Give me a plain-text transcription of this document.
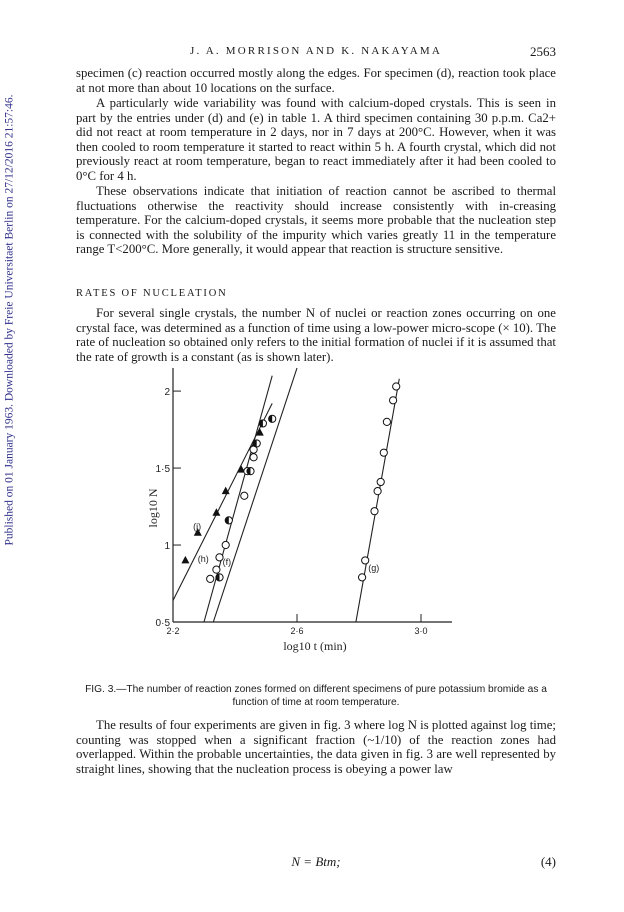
Published on 01 January 1963. Downloaded by Freie Universitaet Berlin on 27/12/2016 21:57:46.
J. A. MORRISON AND K. NAKAYAMA	2563

specimen (c) reaction occurred mostly along the edges. For specimen (d), reaction took place at not more than about 10 locations on the surface.

A particularly wide variability was found with calcium-doped crystals. This is seen in part by the entries under (d) and (e) in table 1. A third specimen containing 30 p.p.m. Ca2+ did not react at room temperature in 2 days, nor in 7 days at 200°C. However, when it was then cooled to room temperature it started to react within 5 h. A fourth crystal, which did not previously react at room temperature, began to react immediately after it had been cooled to 0°C for 4 h.

These observations indicate that initiation of reaction cannot be ascribed to thermal fluctuations otherwise the reactivity should increase consistently with in-creasing temperature. For the calcium-doped crystals, it seems more probable that the nucleation step is connected with the solubility of the impurity which varies greatly 11 in the temperature range T<200°C. More generally, it would appear that reaction is structure sensitive.

RATES OF NUCLEATION

For several single crystals, the number N of nuclei or reaction zones occurring on one crystal face, was determined as a function of time using a low-power micro-scope (× 10). The rate of nucleation so obtained only refers to the initial formation of nuclei if it is assumed that the rate of growth is a constant (as is shown later).

0·5
1
1·5
2
2·2	2·6	3·0
log10 t (min)
log10 N	(j)
(h) (f)
(g)
FIG. 3.—The number of reaction zones formed on different specimens of pure potassium bromide as a function of time at room temperature.

The results of four experiments are given in fig. 3 where log N is plotted against log time; counting was stopped when a significant fraction (~1/10) of the reaction zones had overlapped. Within the probable uncertainties, the data given in fig. 3 are well represented by straight lines, showing that the nucleation process is obeying a power law

N = Btm;	(4)
